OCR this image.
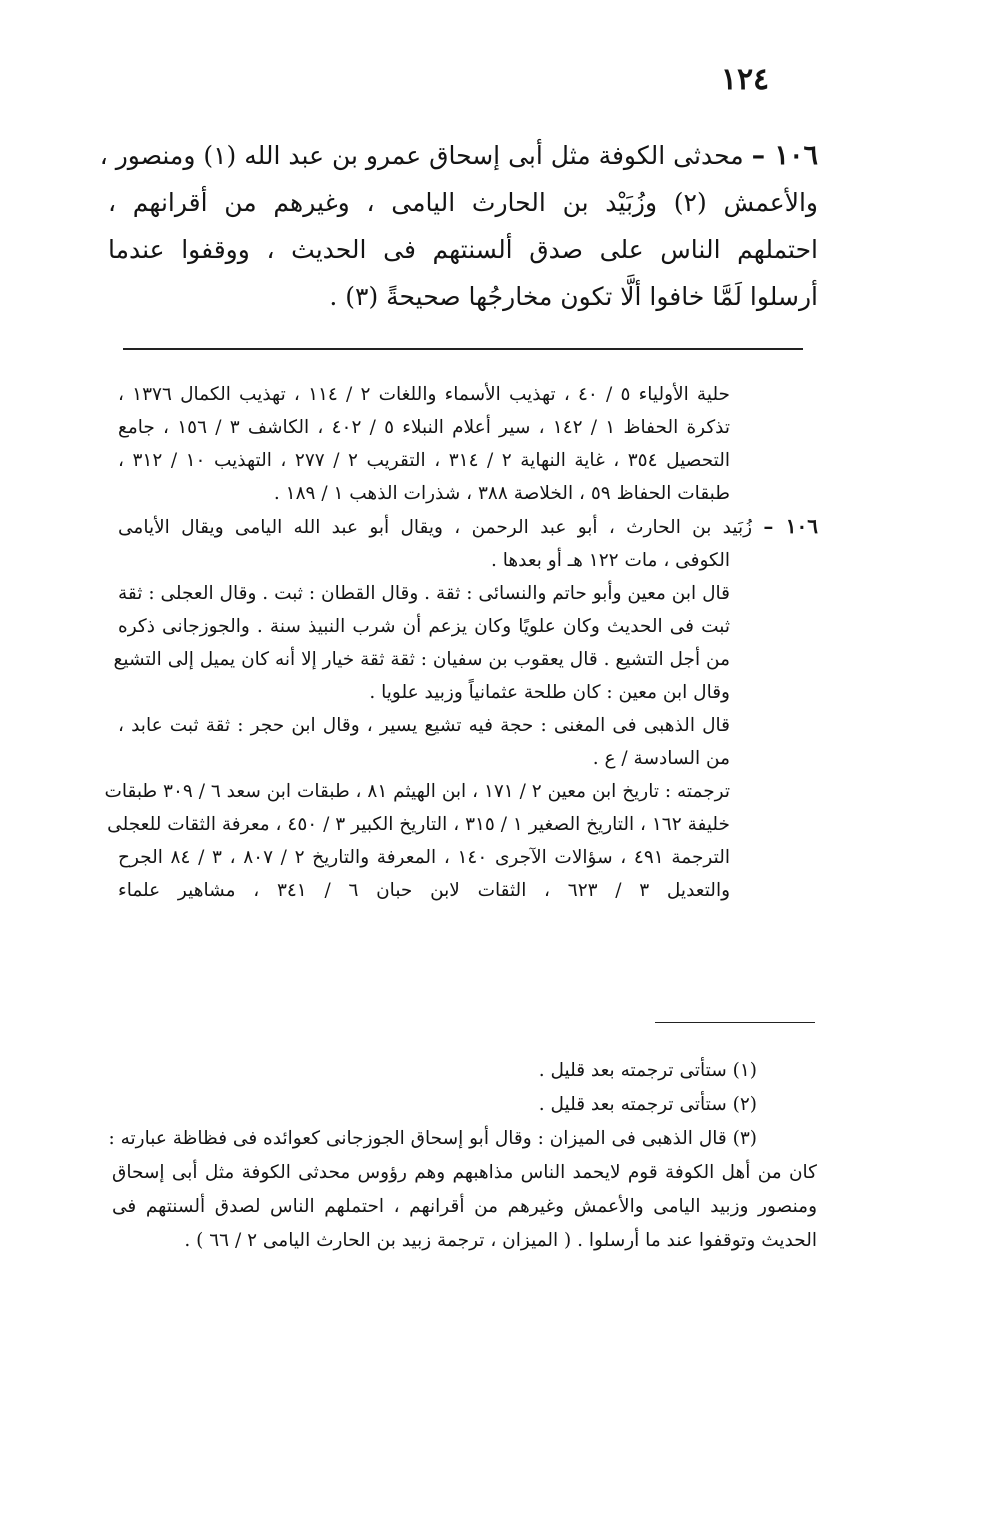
١٢٤
١٠٦ – محدثى الكوفة مثل أبى إسحاق عمرو بن عبد الله (١) ومنصور ،
والأعمش (٢) وزُبَيْد بن الحارث اليامى ، وغيرهم من أقرانهم ،
احتملهم الناس على صدق ألسنتهم فى الحديث ، ووقفوا عندما
أرسلوا لَمَّا خافوا ألَّا تكون مخارجُها صحيحةً (٣) .
حلية الأولياء ٥ / ٤٠ ، تهذيب الأسماء واللغات ٢ / ١١٤ ، تهذيب الكمال ١٣٧٦ ،
تذكرة الحفاظ ١ / ١٤٢ ، سير أعلام النبلاء ٥ / ٤٠٢ ، الكاشف ٣ / ١٥٦ ، جامع
التحصيل ٣٥٤ ، غاية النهاية ٢ / ٣١٤ ، التقريب ٢ / ٢٧٧ ، التهذيب ١٠ / ٣١٢ ،
طبقات الحفاظ ٥٩ ، الخلاصة ٣٨٨ ، شذرات الذهب ١ / ١٨٩ .
١٠٦ – زُبَيد بن الحارث ، أبو عبد الرحمن ، ويقال أبو عبد الله اليامى ويقال الأيامى
الكوفى ، مات ١٢٢ هـ أو بعدها .
قال ابن معين وأبو حاتم والنسائى : ثقة . وقال القطان : ثبت . وقال العجلى : ثقة
ثبت فى الحديث وكان علويًا وكان يزعم أن شرب النبيذ سنة . والجوزجانى ذكره
من أجل التشيع . قال يعقوب بن سفيان : ثقة ثقة خيار إلا أنه كان يميل إلى التشيع
وقال ابن معين : كان طلحة عثمانياً وزبيد علويا .
قال الذهبى فى المغنى : حجة فيه تشيع يسير ، وقال ابن حجر : ثقة ثبت عابد ،
من السادسة / ع .
ترجمته : تاريخ ابن معين ٢ / ١٧١ ، ابن الهيثم ٨١ ، طبقات ابن سعد ٦ / ٣٠٩ طبقات
خليفة ١٦٢ ، التاريخ الصغير ١ / ٣١٥ ، التاريخ الكبير ٣ / ٤٥٠ ، معرفة الثقات للعجلى
الترجمة ٤٩١ ، سؤالات الآجرى ١٤٠ ، المعرفة والتاريخ ٢ / ٨٠٧ ، ٣ / ٨٤ الجرح
والتعديل ٣ / ٦٢٣ ، الثقات لابن حبان ٦ / ٣٤١ ، مشاهير علماء
(١) ستأتى ترجمته بعد قليل .
(٢) ستأتى ترجمته بعد قليل .
(٣) قال الذهبى فى الميزان : وقال أبو إسحاق الجوزجانى كعوائده فى فظاظة عبارته :
كان من أهل الكوفة قوم لايحمد الناس مذاهبهم وهم رؤوس محدثى الكوفة مثل أبى إسحاق
ومنصور وزبيد اليامى والأعمش وغيرهم من أقرانهم ، احتملهم الناس لصدق ألسنتهم فى
الحديث وتوقفوا عند ما أرسلوا . ( الميزان ، ترجمة زبيد بن الحارث اليامى ٢ / ٦٦ ) .
